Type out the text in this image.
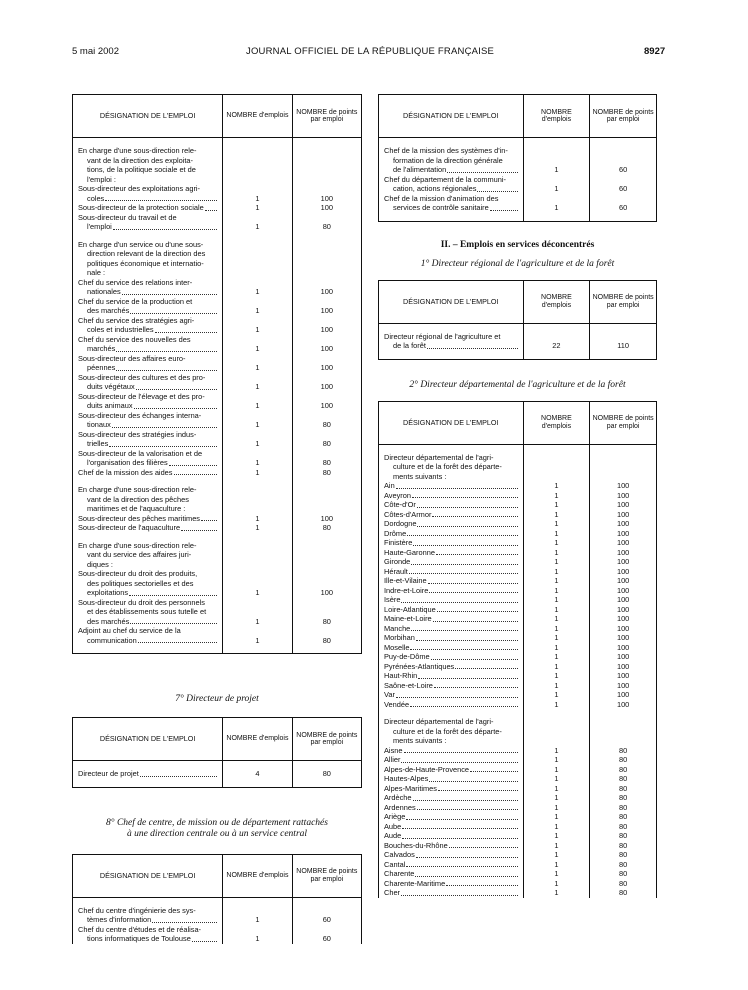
5 mai 2002	JOURNAL OFFICIEL DE LA RÉPUBLIQUE FRANÇAISE	8927
DÉSIGNATION DE L'EMPLOI	NOMBRE d'emplois	NOMBRE de points par emploi

En charge d'une sous-direction rele-
vant de la direction des exploita-
tions, de la politique sociale et de
l'emploi :		

Sous-directeur des exploitations agri-
coles	1	100

Sous-directeur de la protection sociale	1	100

Sous-directeur du travail et de
l'emploi	1	80

En charge d'un service ou d'une sous-
direction relevant de la direction des
politiques économique et internatio-
nale :		

Chef du service des relations inter-
nationales	1	100

Chef du service de la production et
des marchés	1	100

Chef du service des stratégies agri-
coles et industrielles	1	100

Chef du service des nouvelles des
marchés	1	100

Sous-directeur des affaires euro-
péennes	1	100

Sous-directeur des cultures et des pro-
duits végétaux	1	100

Sous-directeur de l'élevage et des pro-
duits animaux	1	100

Sous-directeur des échanges interna-
tionaux	1	80

Sous-directeur des stratégies indus-
trielles	1	80

Sous-directeur de la valorisation et de
l'organisation des filières	1	80

Chef de la mission des aides	1	80

En charge d'une sous-direction rele-
vant de la direction des pêches
maritimes et de l'aquaculture :		

Sous-directeur des pêches maritimes	1	100

Sous-directeur de l'aquaculture	1	80

En charge d'une sous-direction rele-
vant du service des affaires juri-
diques :		

Sous-directeur du droit des produits,
des politiques sectorielles et des
exploitations	1	100

Sous-directeur du droit des personnels
et des établissements sous tutelle et
des marchés	1	80

Adjoint au chef du service de la
communication	1	80

7° Directeur de projet
DÉSIGNATION DE L'EMPLOI	NOMBRE d'emplois	NOMBRE de points par emploi

Directeur de projet	4	80

8° Chef de centre, de mission ou de département rattachés
à une direction centrale ou à un service central
DÉSIGNATION DE L'EMPLOI	NOMBRE d'emplois	NOMBRE de points par emploi

Chef du centre d'ingénierie des sys-
tèmes d'information	1	60

Chef du centre d'études et de réalisa-
tions informatiques de Toulouse	1	60
DÉSIGNATION DE L'EMPLOI	NOMBRE d'emplois	NOMBRE de points par emploi

Chef de la mission des systèmes d'in-
formation de la direction générale
de l'alimentation	1	60

Chef du département de la communi-
cation, actions régionales	1	60

Chef de la mission d'animation des
services de contrôle sanitaire	1	60

II. – Emplois en services déconcentrés
1° Directeur régional de l'agriculture et de la forêt
DÉSIGNATION DE L'EMPLOI	NOMBRE d'emplois	NOMBRE de points par emploi

Directeur régional de l'agriculture et
de la forêt	22	110

2° Directeur départemental de l'agriculture et de la forêt
DÉSIGNATION DE L'EMPLOI	NOMBRE d'emplois	NOMBRE de points par emploi

Directeur départemental de l'agri-
culture et de la forêt des départe-
ments suivants :		

Ain	1	100

Aveyron	1	100

Côte-d'Or	1	100

Côtes-d'Armor	1	100

Dordogne	1	100

Drôme	1	100

Finistère	1	100

Haute-Garonne	1	100

Gironde	1	100

Hérault	1	100

Ille-et-Vilaine	1	100

Indre-et-Loire	1	100

Isère	1	100

Loire-Atlantique	1	100

Maine-et-Loire	1	100

Manche	1	100

Morbihan	1	100

Moselle	1	100

Puy-de-Dôme	1	100

Pyrénées-Atlantiques	1	100

Haut-Rhin	1	100

Saône-et-Loire	1	100

Var	1	100

Vendée	1	100

Directeur départemental de l'agri-
culture et de la forêt des départe-
ments suivants :		

Aisne	1	80

Allier	1	80

Alpes-de-Haute-Provence	1	80

Hautes-Alpes	1	80

Alpes-Maritimes	1	80

Ardèche	1	80

Ardennes	1	80

Ariège	1	80

Aube	1	80

Aude	1	80

Bouches-du-Rhône	1	80

Calvados	1	80

Cantal	1	80

Charente	1	80

Charente-Maritime	1	80

Cher	1	80
